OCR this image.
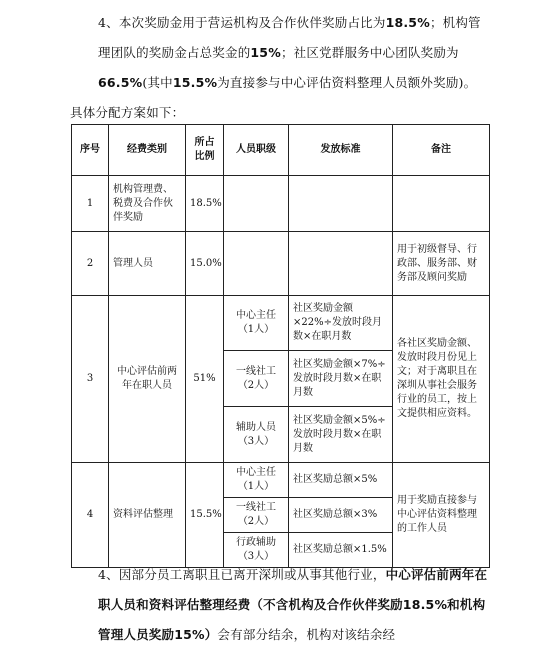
4、本次奖励金用于营运机构及合作伙伴奖励占比为18.5%；机构管理团队的奖励金占总奖金的15%；社区党群服务中心团队奖励为66.5%(其中15.5%为直接参与中心评估资料整理人员额外奖励)。
具体分配方案如下：
序号	经费类别	所占比例	人员职级	发放标准	备注
1	机构管理费、税费及合作伙伴奖励	18.5%			
2	管理人员	15.0%			用于初级督导、行政部、服务部、财务部及顾问奖励
3	中心评估前两年在职人员	51%	中心主任（1人）	社区奖励金额×22%÷发放时段月数×在职月数	各社区奖励金额、发放时段月份见上文；对于离职且在深圳从事社会服务行业的员工，按上文提供相应资料。
			一线社工（2人）	社区奖励金额×7%÷发放时段月数×在职月数	
			辅助人员（3人）	社区奖励金额×5%÷发放时段月数×在职月数	
4	资料评估整理	15.5%	中心主任（1人）	社区奖励总额×5%	用于奖励直接参与中心评估资料整理的工作人员
			一线社工（2人）	社区奖励总额×3%	
			行政辅助（3人）	社区奖励总额×1.5%	
4、因部分员工离职且已离开深圳或从事其他行业，中心评估前两年在职人员和资料评估整理经费（不含机构及合作伙伴奖励18.5%和机构管理人员奖励15%）会有部分结余，机构对该结余经
